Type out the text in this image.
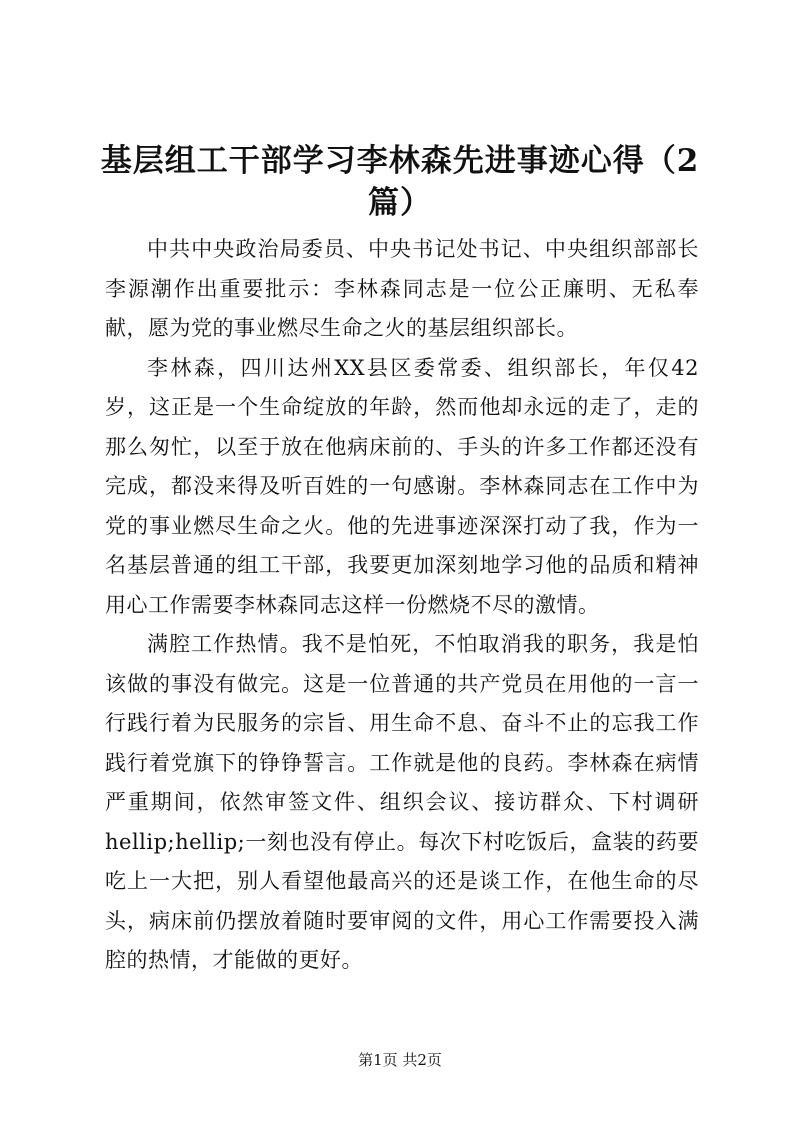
基层组工干部学习李林森先进事迹心得（2篇）

中共中央政治局委员、中央书记处书记、中央组织部部长李源潮作出重要批示：李林森同志是一位公正廉明、无私奉献，愿为党的事业燃尽生命之火的基层组织部长。

李林森，四川达州XX县区委常委、组织部长，年仅42岁，这正是一个生命绽放的年龄，然而他却永远的走了，走的那么匆忙，以至于放在他病床前的、手头的许多工作都还没有完成，都没来得及听百姓的一句感谢。李林森同志在工作中为党的事业燃尽生命之火。他的先进事迹深深打动了我，作为一名基层普通的组工干部，我要更加深刻地学习他的品质和精神用心工作需要李林森同志这样一份燃烧不尽的激情。

满腔工作热情。我不是怕死，不怕取消我的职务，我是怕该做的事没有做完。这是一位普通的共产党员在用他的一言一行践行着为民服务的宗旨、用生命不息、奋斗不止的忘我工作践行着党旗下的铮铮誓言。工作就是他的良药。李林森在病情严重期间，依然审签文件、组织会议、接访群众、下村调研hellip;hellip;一刻也没有停止。每次下村吃饭后，盒装的药要吃上一大把，别人看望他最高兴的还是谈工作，在他生命的尽头，病床前仍摆放着随时要审阅的文件，用心工作需要投入满腔的热情，才能做的更好。

第1页 共2页
